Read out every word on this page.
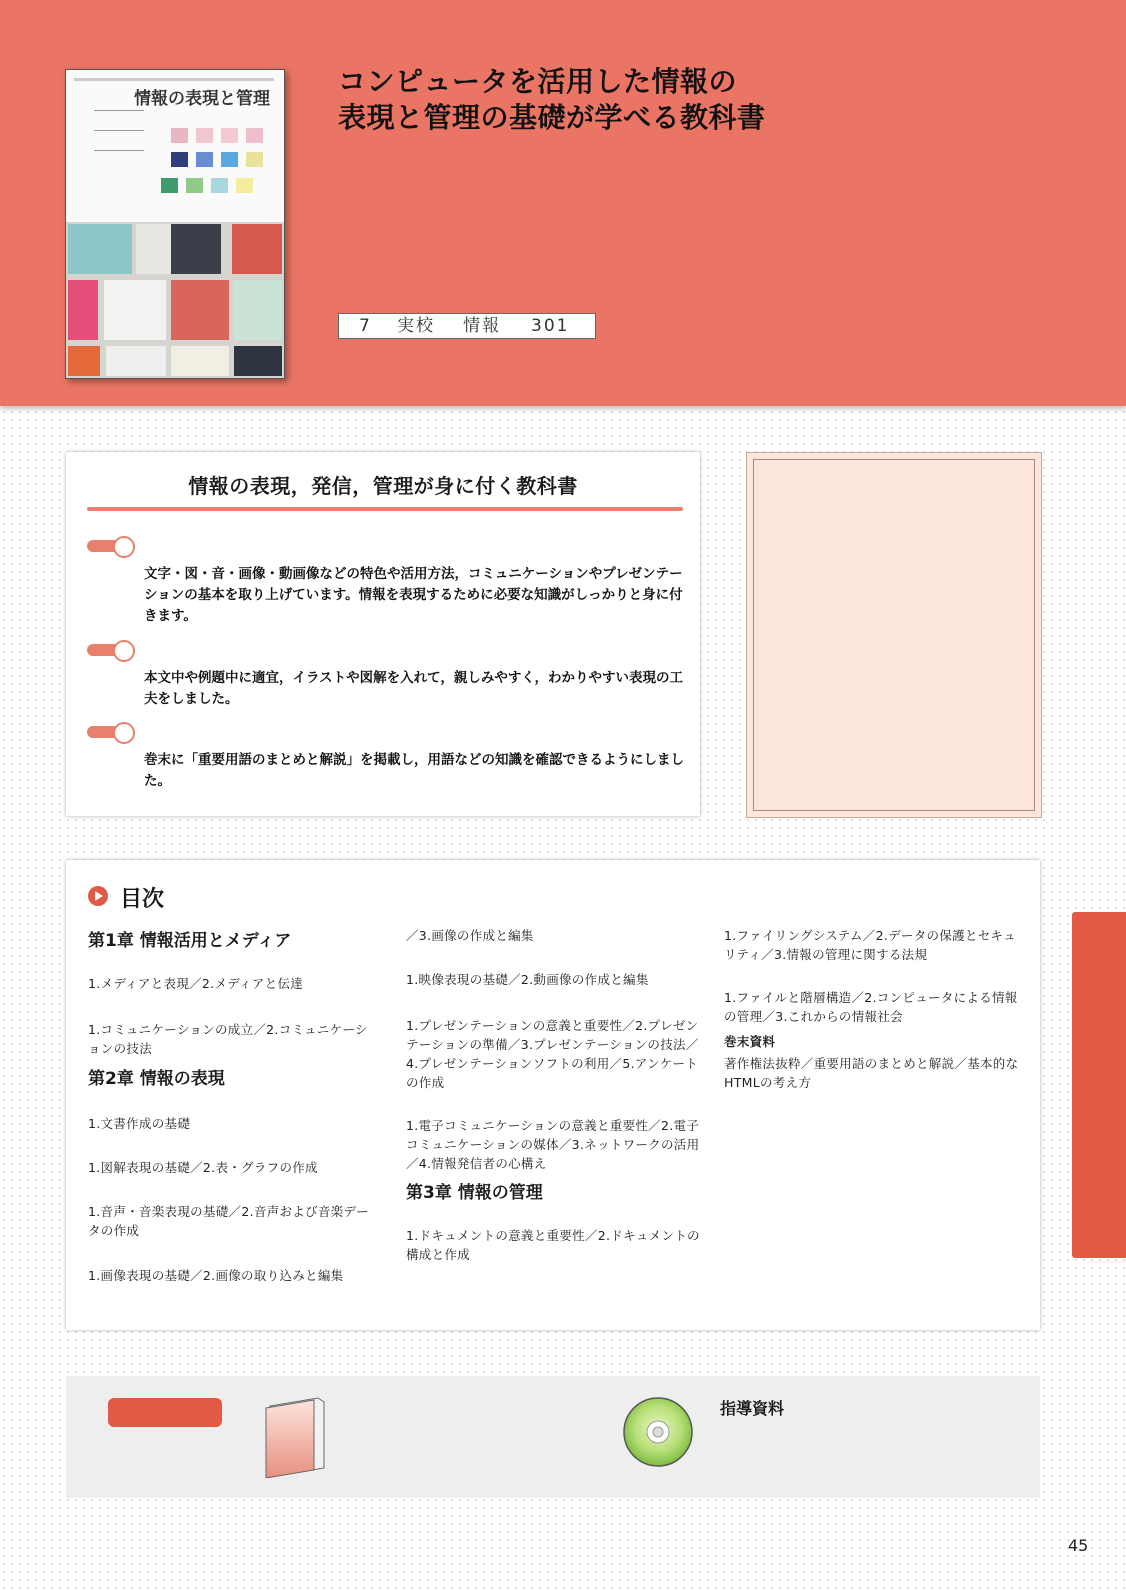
情報の表現と管理
コンピュータを活用した情報の
表現と管理の基礎が学べる教科書
7 実校 情報 301
情報の表現，発信，管理が身に付く教科書

文字・図・音・画像・動画像などの特色や活用方法，コミュニケーションやプレゼンテーションの基本を取り上げています。情報を表現するために必要な知識がしっかりと身に付きます。

本文中や例題中に適宜，イラストや図解を入れて，親しみやすく，わかりやすい表現の工夫をしました。

巻末に「重要用語のまとめと解説」を掲載し，用語などの知識を確認できるようにしました。

目次
第1章 情報活用とメディア

1.メディアと表現／2.メディアと伝達

1.コミュニケーションの成立／2.コミュニケーションの技法

第2章 情報の表現

1.文書作成の基礎

1.図解表現の基礎／2.表・グラフの作成

1.音声・音楽表現の基礎／2.音声および音楽データの作成

1.画像表現の基礎／2.画像の取り込みと編集

／3.画像の作成と編集

1.映像表現の基礎／2.動画像の作成と編集

1.プレゼンテーションの意義と重要性／2.プレゼンテーションの準備／3.プレゼンテーションの技法／4.プレゼンテーションソフトの利用／5.アンケートの作成

1.電子コミュニケーションの意義と重要性／2.電子コミュニケーションの媒体／3.ネットワークの活用／4.情報発信者の心構え

第3章 情報の管理

1.ドキュメントの意義と重要性／2.ドキュメントの構成と作成

1.ファイリングシステム／2.データの保護とセキュリティ／3.情報の管理に関する法規

1.ファイルと階層構造／2.コンピュータによる情報の管理／3.これからの情報社会

巻末資料

著作権法抜粋／重要用語のまとめと解説／基本的なHTMLの考え方

指導資料
45
